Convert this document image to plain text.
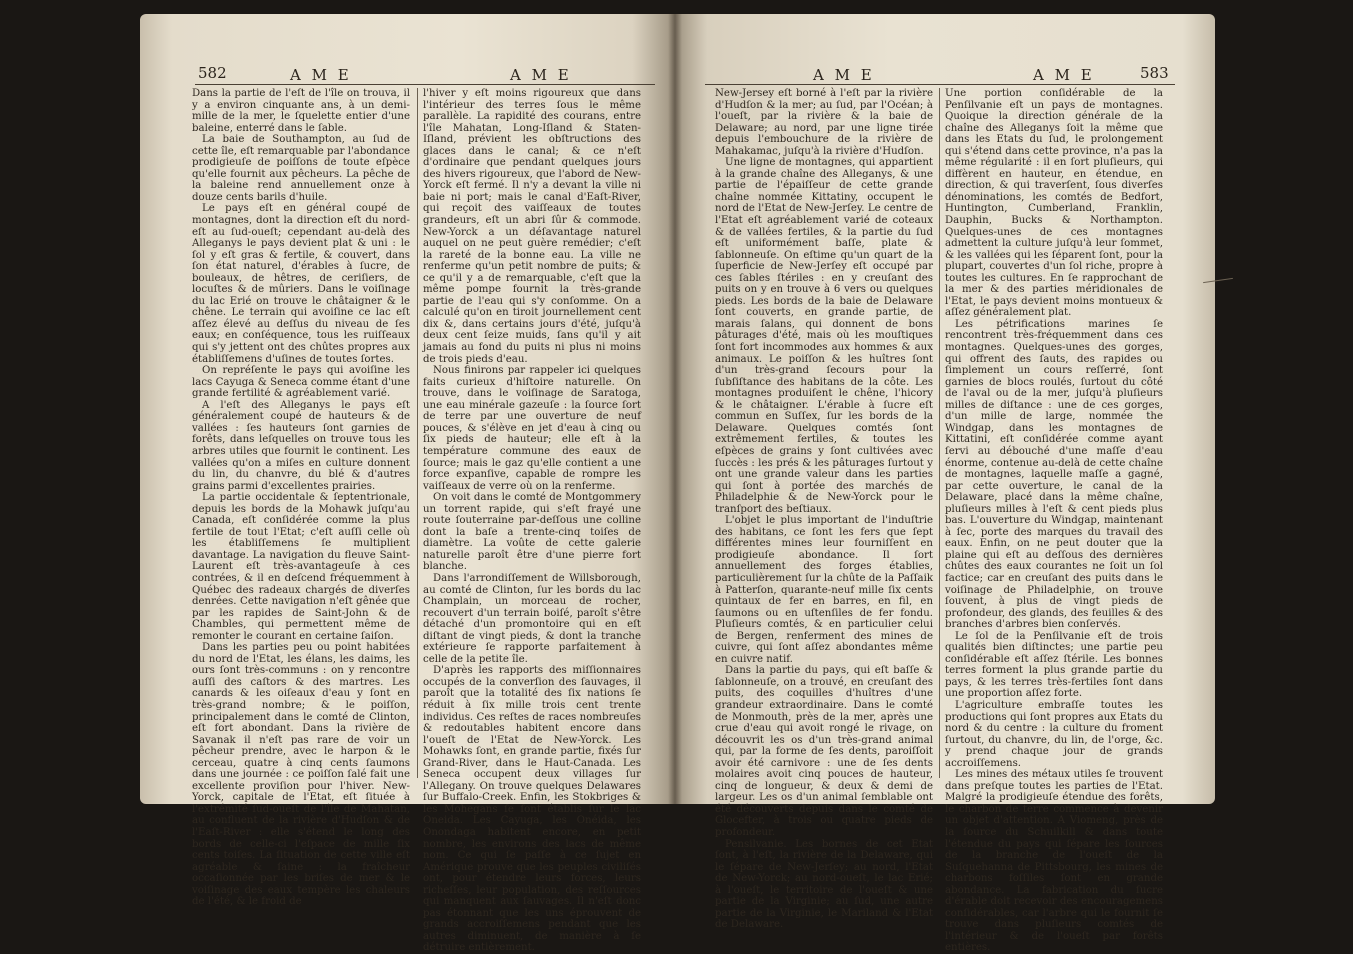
582	A M E	A M E

Dans la partie de l'eſt de l'île on trouva, il y a environ cinquante ans, à un demi-mille de la mer, le ſquelette entier d'une baleine, enterré dans le ſable.

La baie de Southampton, au ſud de cette île, eſt remarquable par l'abondance prodigieuſe de poiſſons de toute eſpèce qu'elle fournit aux pêcheurs. La pêche de la baleine rend annuellement onze à douze cents barils d'huile.

Le pays eſt en général coupé de montagnes, dont la direction eſt du nord-eſt au ſud-oueſt; cependant au-delà des Alleganys le pays devient plat & uni : le ſol y eſt gras & fertile, & couvert, dans ſon état naturel, d'érables à ſucre, de bouleaux, de hêtres, de ceriſiers, de locuſtes & de mûriers. Dans le voiſinage du lac Erié on trouve le châtaigner & le chêne. Le terrain qui avoiſine ce lac eſt aſſez élevé au deſſus du niveau de ſes eaux; en conſéquence, tous les ruiſſeaux qui s'y jettent ont des chûtes propres aux établiſſemens d'uſines de toutes ſortes.

On repréſente le pays qui avoiſine les lacs Cayuga & Seneca comme étant d'une grande fertilité & agréablement varié.

A l'eſt des Alleganys le pays eſt généralement coupé de hauteurs & de vallées : ſes hauteurs ſont garnies de forêts, dans leſquelles on trouve tous les arbres utiles que fournit le continent. Les vallées qu'on a miſes en culture donnent du lin, du chanvre, du blé & d'autres grains parmi d'excellentes prairies.

La partie occidentale & ſeptentrionale, depuis les bords de la Mohawk juſqu'au Canada, eſt conſidérée comme la plus fertile de tout l'Etat; c'eſt auſſi celle où les établiſſemens ſe multiplient davantage. La navigation du fleuve Saint-Laurent eſt très-avantageuſe à ces contrées, & il en deſcend fréquemment à Québec des radeaux chargés de diverſes denrées. Cette navigation n'eſt gênée que par les rapides de Saint-John & de Chambles, qui permettent même de remonter le courant en certaine ſaiſon.

Dans les parties peu ou point habitées du nord de l'Etat, les élans, les daims, les ours ſont très-communs : on y rencontre auſſi des caſtors & des martres. Les canards & les oiſeaux d'eau y ſont en très-grand nombre; & le poiſſon, principalement dans le comté de Clinton, eſt fort abondant. Dans la rivière de Savanak il n'eſt pas rare de voir un pêcheur prendre, avec le harpon & le cerceau, quatre à cinq cents ſaumons dans une journée : ce poiſſon ſalé fait une excellente proviſion pour l'hiver. New-Yorck, capitale de l'Etat, eſt ſituée à l'extrémité ſud-oueſt de l'île de Mahatan, au confluent de la rivière d'Hudſon & de l'Eaſt-River : elle s'étend le long des bords de celle-ci l'eſpace de mille ſix cents toiſes. La ſituation de cette ville eſt agréable & ſaine : la fraîcheur occaſionnée par les briſes de mer & le voiſinage des eaux tempère les chaleurs de l'été, & le froid de

l'hiver y eſt moins rigoureux que dans l'intérieur des terres ſous le même parallèle. La rapidité des courans, entre l'île Mahatan, Long-Iſland & Staten-Iſland, prévient les obſtructions des glaces dans le canal; & ce n'eſt d'ordinaire que pendant quelques jours des hivers rigoureux, que l'abord de New-Yorck eſt fermé. Il n'y a devant la ville ni baie ni port; mais le canal d'Eaſt-River, qui reçoit des vaiſſeaux de toutes grandeurs, eſt un abri ſûr & commode. New-Yorck a un déſavantage naturel auquel on ne peut guère remédier; c'eſt la rareté de la bonne eau. La ville ne renferme qu'un petit nombre de puits; & ce qu'il y a de remarquable, c'eſt que la même pompe fournit la très-grande partie de l'eau qui s'y conſomme. On a calculé qu'on en tiroit journellement cent dix &, dans certains jours d'été, juſqu'à deux cent ſeize muids, ſans qu'il y ait jamais au fond du puits ni plus ni moins de trois pieds d'eau.

Nous finirons par rappeler ici quelques faits curieux d'hiſtoire naturelle. On trouve, dans le voiſinage de Saratoga, une eau minérale gazeuſe : la ſource ſort de terre par une ouverture de neuf pouces, & s'élève en jet d'eau à cinq ou ſix pieds de hauteur; elle eſt à la température commune des eaux de ſource; mais le gaz qu'elle contient a une force expanſive, capable de rompre les vaiſſeaux de verre où on la renferme.

On voit dans le comté de Montgommery un torrent rapide, qui s'eſt frayé une route ſouterraine par-deſſous une colline dont la baſe a trente-cinq toiſes de diamètre. La voûte de cette galerie naturelle paroît être d'une pierre fort blanche.

Dans l'arrondiſſement de Willsborough, au comté de Clinton, ſur les bords du lac Champlain, un morceau de rocher, recouvert d'un terrain boiſé, paroît s'être détaché d'un promontoire qui en eſt diſtant de vingt pieds, & dont la tranche extérieure ſe rapporte parfaitement à celle de la petite île.

D'après les rapports des miſſionnaires occupés de la converſion des ſauvages, il paroît que la totalité des ſix nations ſe réduit à ſix mille trois cent trente individus. Ces reſtes de races nombreuſes & redoutables habitent encore dans l'oueſt de l'Etat de New-Yorck. Les Mohawks ſont, en grande partie, fixés ſur Grand-River, dans le Haut-Canada. Les Seneca occupent deux villages ſur l'Allegany. On trouve quelques Delawares ſur Buffalo-Creek. Enfin, les Stokbriges & les Mohegans ſe ſont établis ſur le lac Oneida. Les Cayuga, les Onéida, les Onondaga habitent encore, en petit nombre, les environs des lacs de même nom. Ce qui ſe paſſe à ce ſujet en Amérique prouve que les peuples civiliſés ont, pour étendre leurs forces, leurs richeſſes, leur population, des reſſources qui manquent aux ſauvages. Il n'eſt donc pas étonnant que les uns éprouvent de grands accroiſſemens pendant que les autres diminuent, de manière à ſe détruire entièrement.

A M E	A M E	583

New-Jersey eſt borné à l'eſt par la rivière d'Hudſon & la mer; au ſud, par l'Océan; à l'oueſt, par la rivière & la baie de Delaware; au nord, par une ligne tirée depuis l'embouchure de la rivière de Mahakamac, juſqu'à la rivière d'Hudſon.

Une ligne de montagnes, qui appartient à la grande chaîne des Alleganys, & une partie de l'épaiſſeur de cette grande chaîne nommée Kittatiny, occupent le nord de l'Etat de New-Jerſey. Le centre de l'Etat eſt agréablement varié de coteaux & de vallées fertiles, & la partie du ſud eſt uniformément baſſe, plate & ſablonneuſe. On eſtime qu'un quart de la ſuperficie de New-Jerſey eſt occupé par ces ſables ſtériles : en y creuſant des puits on y en trouve à 6 vers ou quelques pieds. Les bords de la baie de Delaware ſont couverts, en grande partie, de marais ſalans, qui donnent de bons pâturages d'été, mais où les mouſtiques ſont fort incommodes aux hommes & aux animaux. Le poiſſon & les huîtres ſont d'un très-grand ſecours pour la ſubſiſtance des habitans de la côte. Les montagnes produiſent le chêne, l'hicory & le châtaigner. L'érable à ſucre eſt commun en Suſſex, ſur les bords de la Delaware. Quelques comtés ſont extrêmement fertiles, & toutes les eſpèces de grains y ſont cultivées avec ſuccès : les prés & les pâturages ſurtout y ont une grande valeur dans les parties qui ſont à portée des marchés de Philadelphie & de New-Yorck pour le tranſport des beſtiaux.

L'objet le plus important de l'induſtrie des habitans, ce ſont les fers que ſept différentes mines leur fourniſſent en prodigieuſe abondance. Il ſort annuellement des forges établies, particulièrement ſur la chûte de la Paſſaik à Patterſon, quarante-neuf mille ſix cents quintaux de fer en barres, en fil, en ſaumons ou en uſtenſiles de fer fondu. Pluſieurs comtés, & en particulier celui de Bergen, renferment des mines de cuivre, qui ſont aſſez abondantes même en cuivre natif.

Dans la partie du pays, qui eſt baſſe & ſablonneuſe, on a trouvé, en creuſant des puits, des coquilles d'huîtres d'une grandeur extraordinaire. Dans le comté de Monmouth, près de la mer, après une crue d'eau qui avoit rongé le rivage, on découvrit les os d'un très-grand animal qui, par la forme de ſes dents, paroiſſoit avoir été carnivore : une de ſes dents molaires avoit cinq pouces de hauteur, cinq de longueur, & deux & demi de largeur. Les os d'un animal ſemblable ont été découverts depuis dans le comté de Glocefter, à trois ou quatre pieds de profondeur.

Pensilvanie. Les bornes de cet Etat ſont, à l'eſt, la rivière de la Delaware, qui le ſépare de New-Jerſey; au nord, l'Etat de New-Yorck; au nord-oueſt, le lac Erié; à l'oueſt, le territoire de l'oueſt & une partie de la Virginie; au ſud, une autre partie de la Virginie, le Mariland & l'Etat de Delaware.

Une portion conſidérable de la Penſilvanie eſt un pays de montagnes. Quoique la direction générale de la chaîne des Alleganys ſoit la même que dans les Etats du ſud, le prolongement qui s'étend dans cette province, n'a pas la même régularité : il en ſort pluſieurs, qui diffèrent en hauteur, en étendue, en direction, & qui traverſent, ſous diverſes dénominations, les comtés de Bedfort, Huntington, Cumberland, Franklin, Dauphin, Bucks & Northampton. Quelques-unes de ces montagnes admettent la culture juſqu'à leur ſommet, & les vallées qui les ſéparent ſont, pour la plupart, couvertes d'un ſol riche, propre à toutes les cultures. En ſe rapprochant de la mer & des parties méridionales de l'Etat, le pays devient moins montueux & aſſez généralement plat.

Les pétrifications marines ſe rencontrent très-fréquemment dans ces montagnes. Quelques-unes des gorges, qui offrent des ſauts, des rapides ou ſimplement un cours reſſerré, ſont garnies de blocs roulés, ſurtout du côté de l'aval ou de la mer, juſqu'à pluſieurs milles de diſtance : une de ces gorges, d'un mille de large, nommée the Windgap, dans les montagnes de Kittatini, eſt conſidérée comme ayant ſervi au débouché d'une maſſe d'eau énorme, contenue au-delà de cette chaîne de montagnes, laquelle maſſe a gagné, par cette ouverture, le canal de la Delaware, placé dans la même chaîne, pluſieurs milles à l'eſt & cent pieds plus bas. L'ouverture du Windgap, maintenant à ſec, porte des marques du travail des eaux. Enfin, on ne peut douter que la plaine qui eſt au deſſous des dernières chûtes des eaux courantes ne ſoit un ſol factice; car en creuſant des puits dans le voiſinage de Philadelphie, on trouve ſouvent, à plus de vingt pieds de profondeur, des glands, des feuilles & des branches d'arbres bien conſervés.

Le ſol de la Penſilvanie eſt de trois qualités bien diſtinctes; une partie peu conſidérable eſt aſſez ſtérile. Les bonnes terres forment la plus grande partie du pays, & les terres très-fertiles ſont dans une proportion aſſez forte.

L'agriculture embraſſe toutes les productions qui ſont propres aux Etats du nord & du centre : la culture du froment ſurtout, du chanvre, du lin, de l'orge, &c. y prend chaque jour de grands accroiſſemens.

Les mines des métaux utiles ſe trouvent dans preſque toutes les parties de l'Etat. Malgré la prodigieuſe étendue des forêts, le charbon de terre commence à devenir un objet d'attention. A Viomeng, près de la ſource du Schuilkill & dans toute l'étendue du pays qui ſépare les ſources de la branche de l'oueſt de la Suſquehanna de Pittsbourg, les mines de charbons foſſiles ſont en grande abondance. La fabrication du ſucre d'érable doit recevoir des encouragemens conſidérables, car l'arbre qui le fournit ſe trouve dans pluſieurs comtés de l'intérieur & de l'oueſt par forêts entières.
